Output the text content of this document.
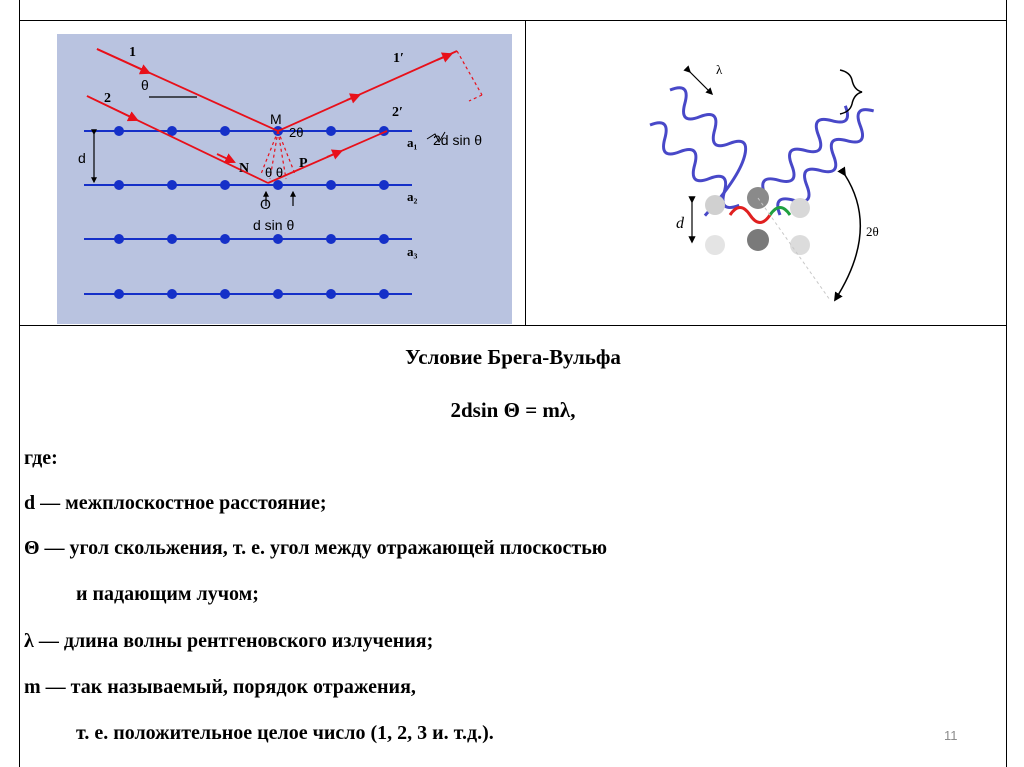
1
2
1′
2′
N	P
a₁
a₂
a₃
θ
M
2θ
θ θ
O
d
d sin θ
2d sin θ
λ
d	2θ
Условие Брега-Вульфа
2dsin Θ = mλ,
где:
d — межплоскостное расстояние;
Θ — угол скольжения, т. е. угол между отражающей плоскостью
и падающим лучом;
λ — длина волны рентгеновского излучения;
m — так называемый, порядок отражения,
т. е. положительное целое число (1, 2, 3 и. т.д.).	11
